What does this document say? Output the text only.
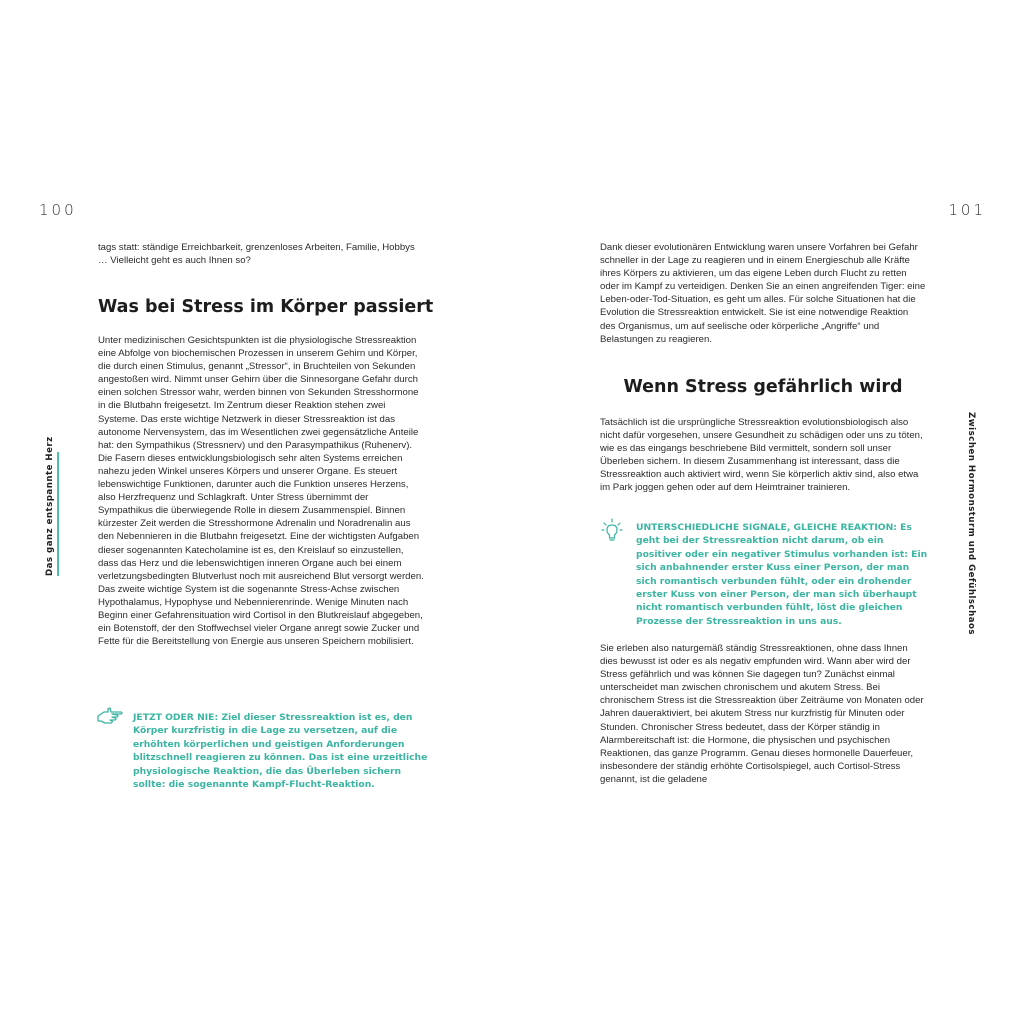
100
Das ganz entspannte Herz

tags statt: ständige Erreichbarkeit, grenzenloses Arbeiten, Familie, Hobbys … Vielleicht geht es auch Ihnen so?

Was bei Stress im Körper passiert

Unter medizinischen Gesichtspunkten ist die physiologische Stressreaktion eine Abfolge von biochemischen Prozessen in unserem Gehirn und Körper, die durch einen Stimulus, genannt „Stressor“, in Bruchteilen von Sekunden angestoßen wird. Nimmt unser Gehirn über die Sinnesorgane Gefahr durch einen solchen Stressor wahr, werden binnen von Sekunden Stresshormone in die Blutbahn freigesetzt. Im Zentrum dieser Reaktion stehen zwei Systeme. Das erste wichtige Netzwerk in dieser Stressreaktion ist das autonome Nervensystem, das im Wesentlichen zwei gegensätzliche Anteile hat: den Sympathikus (Stressnerv) und den Parasympathikus (Ruhenerv). Die Fasern dieses entwicklungsbiologisch sehr alten Systems erreichen nahezu jeden Winkel unseres Körpers und unserer Organe. Es steuert lebenswichtige Funktionen, darunter auch die Funktion unseres Herzens, also Herzfrequenz und Schlagkraft. Unter Stress übernimmt der Sympathikus die überwiegende Rolle in diesem Zusammenspiel. Binnen kürzester Zeit werden die Stresshormone Adrenalin und Noradrenalin aus den Nebennieren in die Blutbahn freigesetzt. Eine der wichtigsten Aufgaben dieser sogenannten Katecholamine ist es, den Kreislauf so einzustellen, dass das Herz und die lebenswichtigen inneren Organe auch bei einem verletzungsbedingten Blutverlust noch mit ausreichend Blut versorgt werden. Das zweite wichtige System ist die sogenannte Stress-Achse zwischen Hypothalamus, Hypophyse und Nebennierenrinde. Wenige Minuten nach Beginn einer Gefahrensituation wird Cortisol in den Blutkreislauf abgegeben, ein Botenstoff, der den Stoffwechsel vieler Organe anregt sowie Zucker und Fette für die Bereitstellung von Energie aus unseren Speichern mobilisiert.

JETZT ODER NIE: Ziel dieser Stressreaktion ist es, den Körper kurzfristig in die Lage zu versetzen, auf die erhöhten körperlichen und geistigen Anforderungen blitzschnell reagieren zu können. Das ist eine urzeitliche physiologische Reaktion, die das Überleben sichern sollte: die sogenannte Kampf-Flucht-Reaktion.
101
Zwischen Hormonsturm und Gefühlschaos

Dank dieser evolutionären Entwicklung waren unsere Vorfahren bei Gefahr schneller in der Lage zu reagieren und in einem Energieschub alle Kräfte ihres Körpers zu aktivieren, um das eigene Leben durch Flucht zu retten oder im Kampf zu verteidigen. Denken Sie an einen angreifenden Tiger: eine Leben-oder-Tod-Situation, es geht um alles. Für solche Situationen hat die Evolution die Stressreaktion entwickelt. Sie ist eine notwendige Reaktion des Organismus, um auf seelische oder körperliche „Angriffe“ und Belastungen zu reagieren.

Wenn Stress gefährlich wird

Tatsächlich ist die ursprüngliche Stressreaktion evolutionsbiologisch also nicht dafür vorgesehen, unsere Gesundheit zu schädigen oder uns zu töten, wie es das eingangs beschriebene Bild vermittelt, sondern soll unser Überleben sichern. In diesem Zusammenhang ist interessant, dass die Stressreaktion auch aktiviert wird, wenn Sie körperlich aktiv sind, also etwa im Park joggen gehen oder auf dem Heimtrainer trainieren.

UNTERSCHIEDLICHE SIGNALE, GLEICHE REAKTION: Es geht bei der Stressreaktion nicht darum, ob ein positiver oder ein negativer Stimulus vorhanden ist: Ein sich anbahnender erster Kuss einer Person, der man sich romantisch verbunden fühlt, oder ein drohender erster Kuss von einer Person, der man sich überhaupt nicht romantisch verbunden fühlt, löst die gleichen Prozesse der Stressreaktion in uns aus.

Sie erleben also naturgemäß ständig Stressreaktionen, ohne dass Ihnen dies bewusst ist oder es als negativ empfunden wird. Wann aber wird der Stress gefährlich und was können Sie dagegen tun? Zunächst einmal unterscheidet man zwischen chronischem und akutem Stress. Bei chronischem Stress ist die Stressreaktion über Zeiträume von Monaten oder Jahren daueraktiviert, bei akutem Stress nur kurzfristig für Minuten oder Stunden. Chronischer Stress bedeutet, dass der Körper ständig in Alarmbereitschaft ist: die Hormone, die physischen und psychischen Reaktionen, das ganze Programm. Genau dieses hormonelle Dauerfeuer, insbesondere der ständig erhöhte Cortisolspiegel, auch Cortisol-Stress genannt, ist die geladene
